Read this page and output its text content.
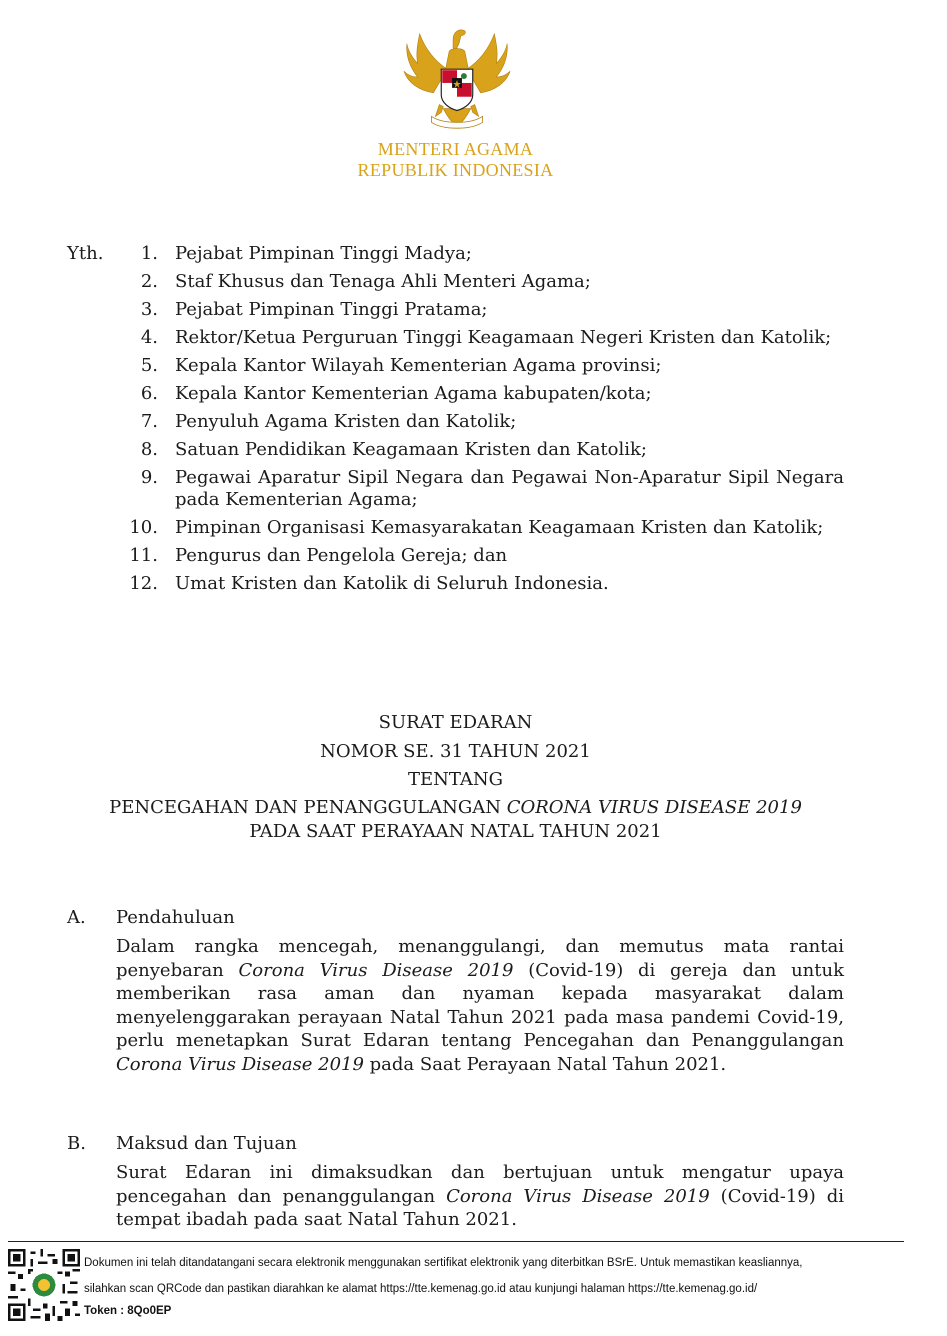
MENTERI AGAMA
REPUBLIK INDONESIA
Yth.	1. Pejabat Pimpinan Tinggi Madya;
2. Staf Khusus dan Tenaga Ahli Menteri Agama;
3. Pejabat Pimpinan Tinggi Pratama;
4. Rektor/Ketua Perguruan Tinggi Keagamaan Negeri Kristen dan Katolik;
5. Kepala Kantor Wilayah Kementerian Agama provinsi;
6. Kepala Kantor Kementerian Agama kabupaten/kota;
7. Penyuluh Agama Kristen dan Katolik;
8. Satuan Pendidikan Keagamaan Kristen dan Katolik;
9. Pegawai Aparatur Sipil Negara dan Pegawai Non-Aparatur Sipil Negara pada Kementerian Agama;
10. Pimpinan Organisasi Kemasyarakatan Keagamaan Kristen dan Katolik;
11. Pengurus dan Pengelola Gereja; dan
12. Umat Kristen dan Katolik di Seluruh Indonesia.
SURAT EDARAN
NOMOR SE. 31 TAHUN 2021
TENTANG
PENCEGAHAN DAN PENANGGULANGAN CORONA VIRUS DISEASE 2019
PADA SAAT PERAYAAN NATAL TAHUN 2021
A. Pendahuluan
Dalam rangka mencegah, menanggulangi, dan memutus mata rantai penyebaran Corona Virus Disease 2019 (Covid-19) di gereja dan untuk memberikan rasa aman dan nyaman kepada masyarakat dalam menyelenggarakan perayaan Natal Tahun 2021 pada masa pandemi Covid-19, perlu menetapkan Surat Edaran tentang Pencegahan dan Penanggulangan Corona Virus Disease 2019 pada Saat Perayaan Natal Tahun 2021.
B. Maksud dan Tujuan
Surat Edaran ini dimaksudkan dan bertujuan untuk mengatur upaya pencegahan dan penanggulangan Corona Virus Disease 2019 (Covid-19) di tempat ibadah pada saat Natal Tahun 2021.
Dokumen ini telah ditandatangani secara elektronik menggunakan sertifikat elektronik yang diterbitkan BSrE. Untuk memastikan keasliannya,
silahkan scan QRCode dan pastikan diarahkan ke alamat https://tte.kemenag.go.id atau kunjungi halaman https://tte.kemenag.go.id/
Token : 8Qo0EP
